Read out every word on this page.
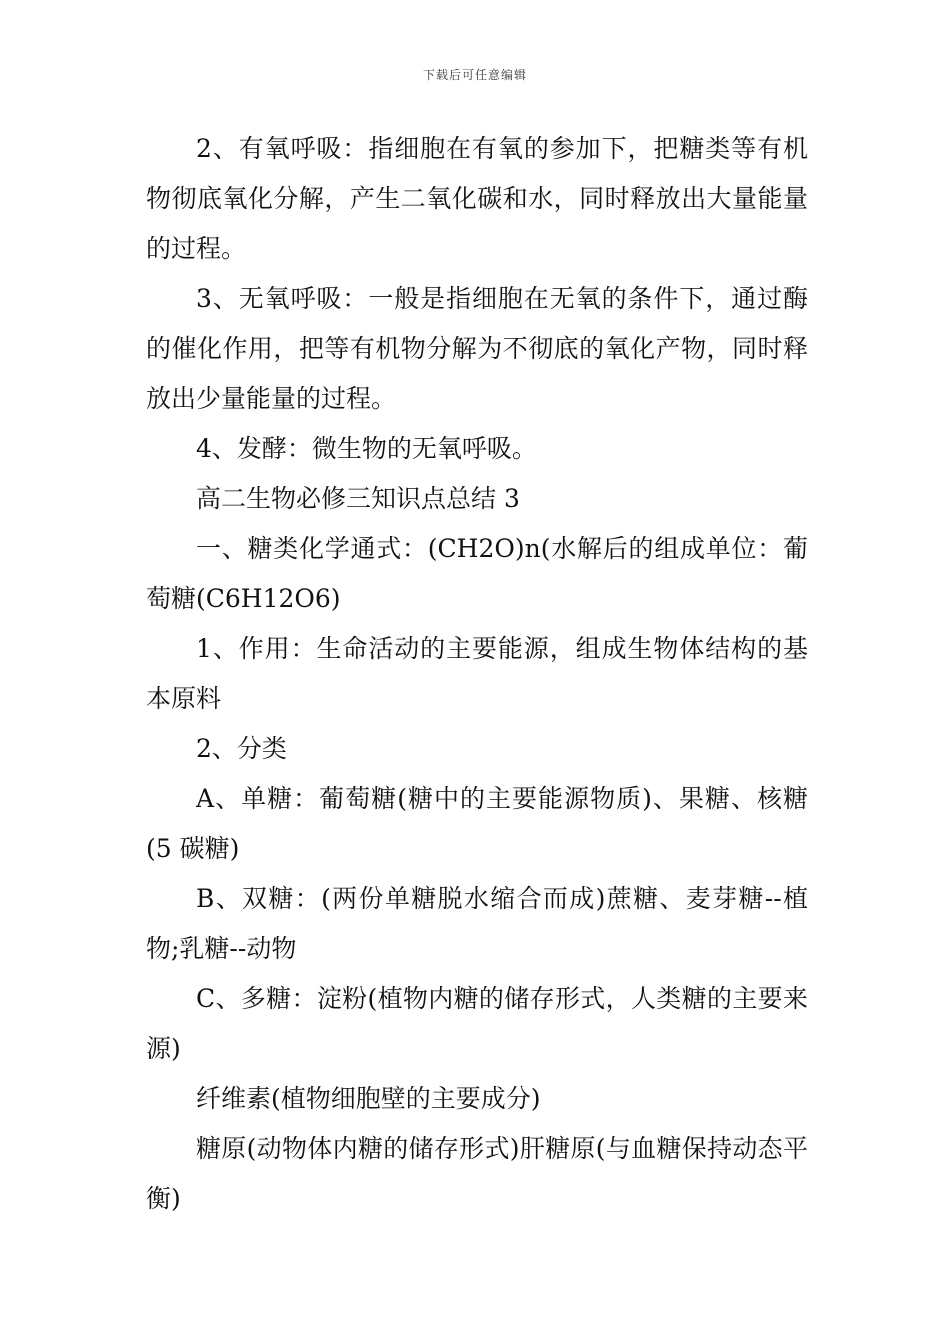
下载后可任意编辑

2、有氧呼吸：指细胞在有氧的参加下，把糖类等有机物彻底氧化分解，产生二氧化碳和水，同时释放出大量能量的过程。

3、无氧呼吸：一般是指细胞在无氧的条件下，通过酶的催化作用，把等有机物分解为不彻底的氧化产物，同时释放出少量能量的过程。

4、发酵：微生物的无氧呼吸。

高二生物必修三知识点总结 3

一、糖类化学通式：(CH2O)n(水解后的组成单位：葡萄糖(C6H12O6)

1、作用：生命活动的主要能源，组成生物体结构的基本原料

2、分类

A、单糖：葡萄糖(糖中的主要能源物质)、果糖、核糖(5 碳糖)

B、双糖：(两份单糖脱水缩合而成)蔗糖、麦芽糖--植物;乳糖--动物

C、多糖：淀粉(植物内糖的储存形式，人类糖的主要来源)

纤维素(植物细胞壁的主要成分)

糖原(动物体内糖的储存形式)肝糖原(与血糖保持动态平衡)
